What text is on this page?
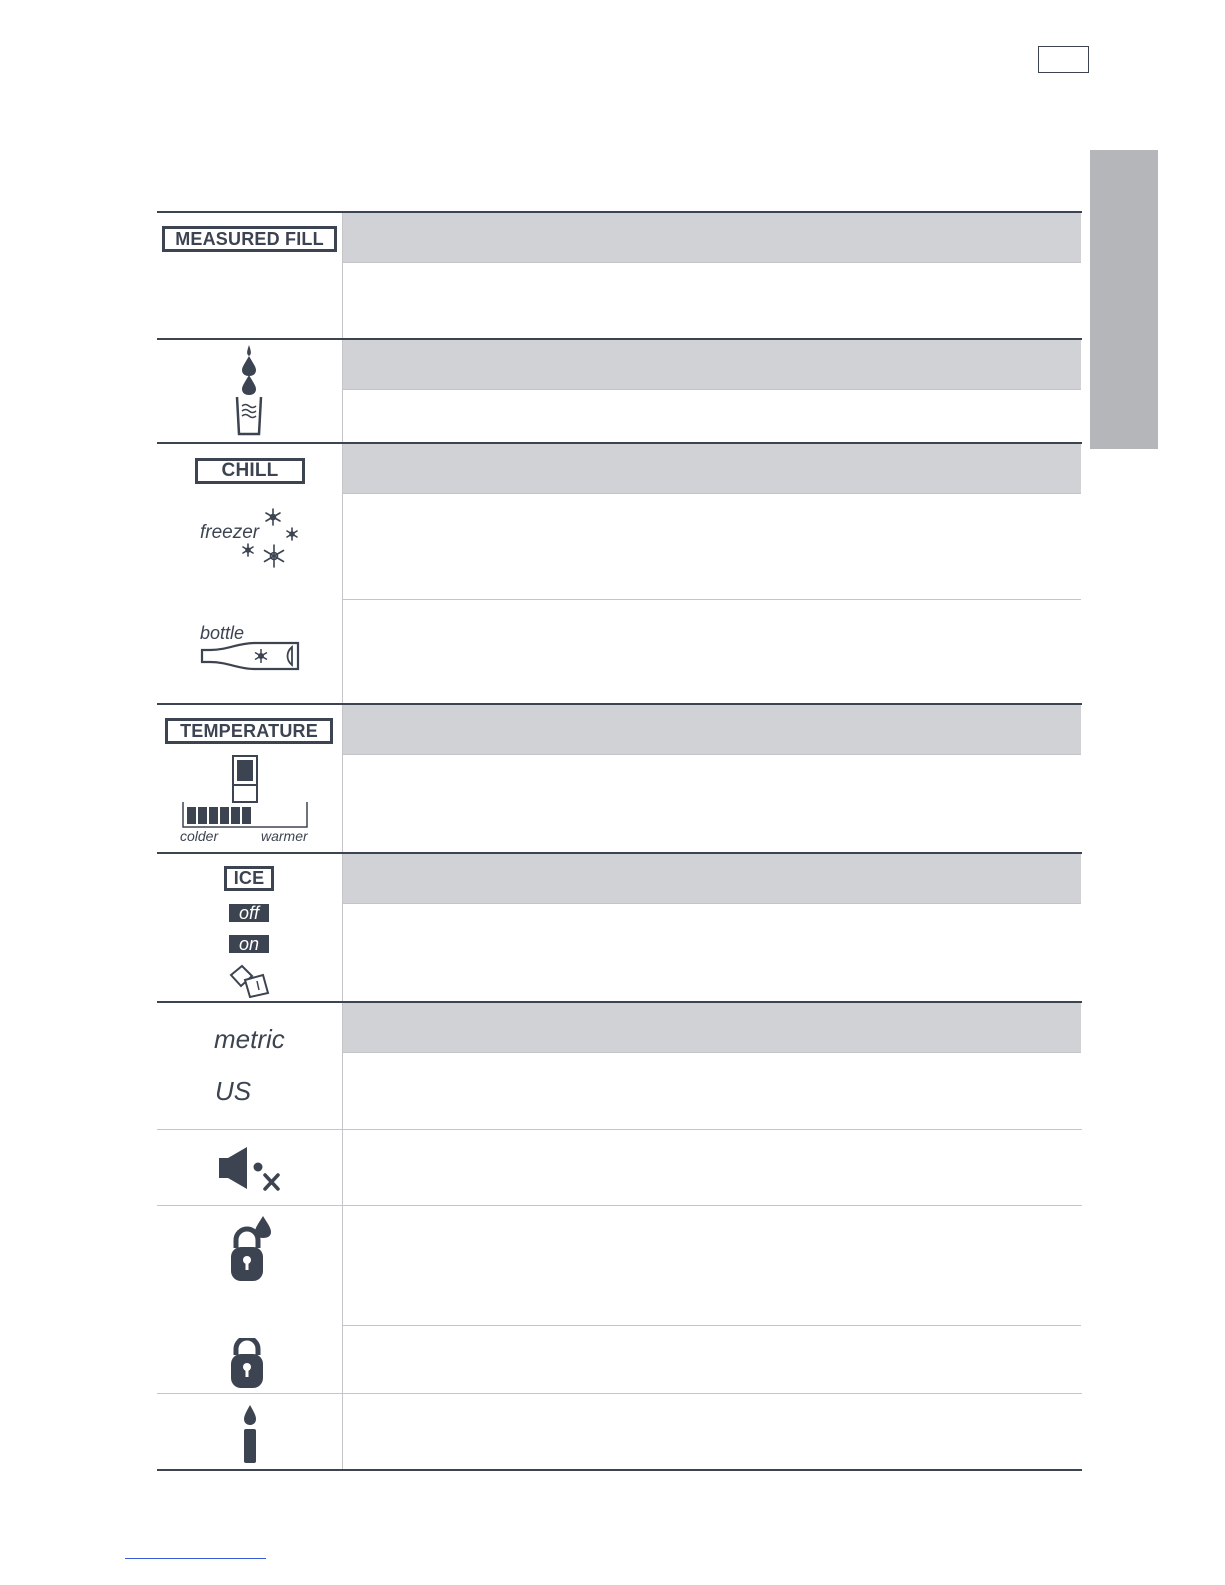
MEASURED FILL
CHILL
freezer
bottle
TEMPERATURE
colder	warmer
ICE
off
on
metric
US
